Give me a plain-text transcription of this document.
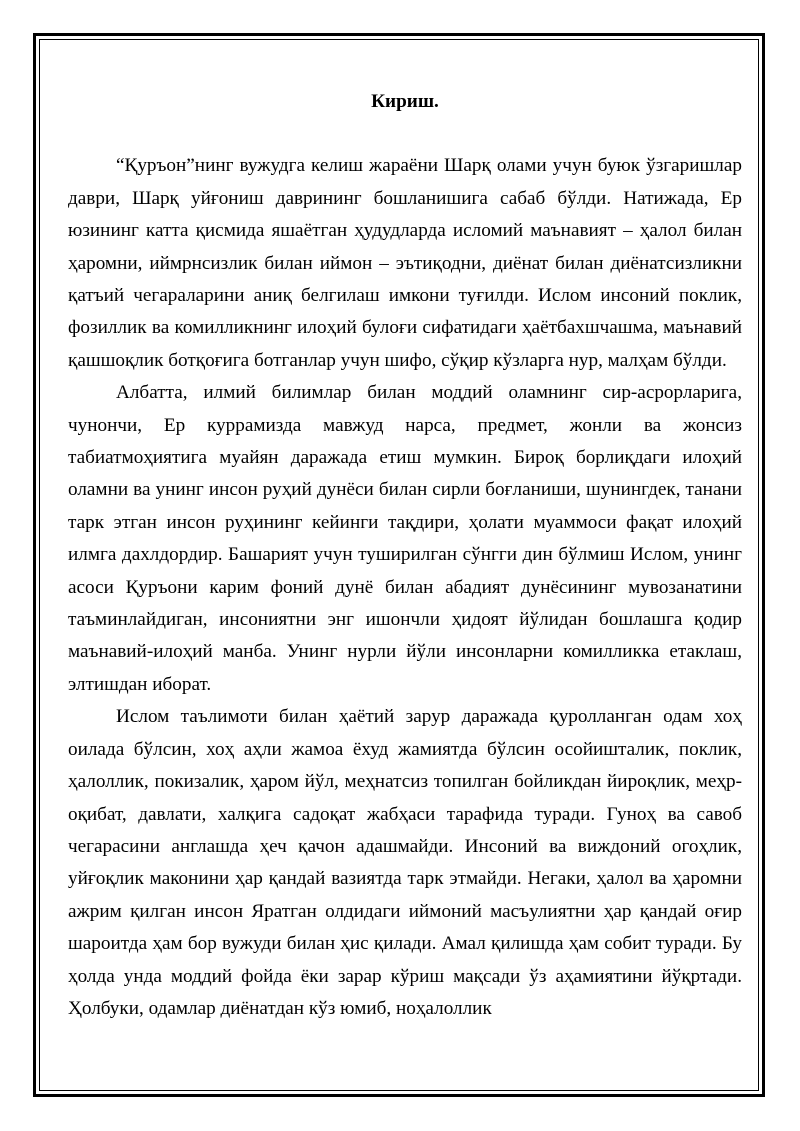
Кириш.

“Қуръон”нинг вужудга келиш жараёни Шарқ олами учун буюк ўзгаришлар даври, Шарқ уйғониш даврининг бошланишига сабаб бўлди. Натижада, Ер юзининг катта қисмида яшаётган ҳудудларда исломий маънавият – ҳалол билан ҳаромни, иймрнсизлик билан иймон – эътиқодни, диёнат билан диёнатсизликни қатъий чегараларини аниқ белгилаш имкони туғилди. Ислом инсоний поклик, фозиллик ва комилликнинг илоҳий булоғи сифатидаги ҳаётбахшчашма, маънавий қашшоқлик ботқоғига ботганлар учун шифо, сўқир кўзларга нур, малҳам бўлди.

Албатта, илмий билимлар билан моддий оламнинг сир-асрорларига, чунончи, Ер куррамизда мавжуд нарса, предмет, жонли ва жонсиз табиатмоҳиятига муайян даражада етиш мумкин. Бироқ борлиқдаги илоҳий оламни ва унинг инсон руҳий дунёси билан сирли боғланиши, шунингдек, танани тарк этган инсон руҳининг кейинги тақдири, ҳолати муаммоси фақат илоҳий илмга дахлдордир. Башарият учун туширилган сўнгги дин бўлмиш Ислом, унинг асоси Қуръони карим фоний дунё билан абадият дунёсининг мувозанатини таъминлайдиган, инсониятни энг ишончли ҳидоят йўлидан бошлашга қодир маънавий-илоҳий манба. Унинг нурли йўли инсонларни комилликка етаклаш, элтишдан иборат.

Ислом таълимоти билан ҳаётий зарур даражада қуролланган одам хоҳ оилада бўлсин, хоҳ аҳли жамоа ёхуд жамиятда бўлсин осойишталик, поклик, ҳалоллик, покизалик, ҳаром йўл, меҳнатсиз топилган бойликдан йироқлик, меҳр-оқибат, давлати, халқига садоқат жабҳаси тарафида туради. Гуноҳ ва савоб чегарасини англашда ҳеч қачон адашмайди. Инсоний ва виждоний огоҳлик, уйғоқлик маконини ҳар қандай вазиятда тарк этмайди. Негаки, ҳалол ва ҳаромни ажрим қилган инсон Яратган олдидаги иймоний масъулиятни ҳар қандай оғир шароитда ҳам бор вужуди билан ҳис қилади. Амал қилишда ҳам собит туради. Бу ҳолда унда моддий фойда ёки зарар кўриш мақсади ўз аҳамиятини йўқртади. Ҳолбуки, одамлар диёнатдан кўз юмиб, ноҳалоллик
